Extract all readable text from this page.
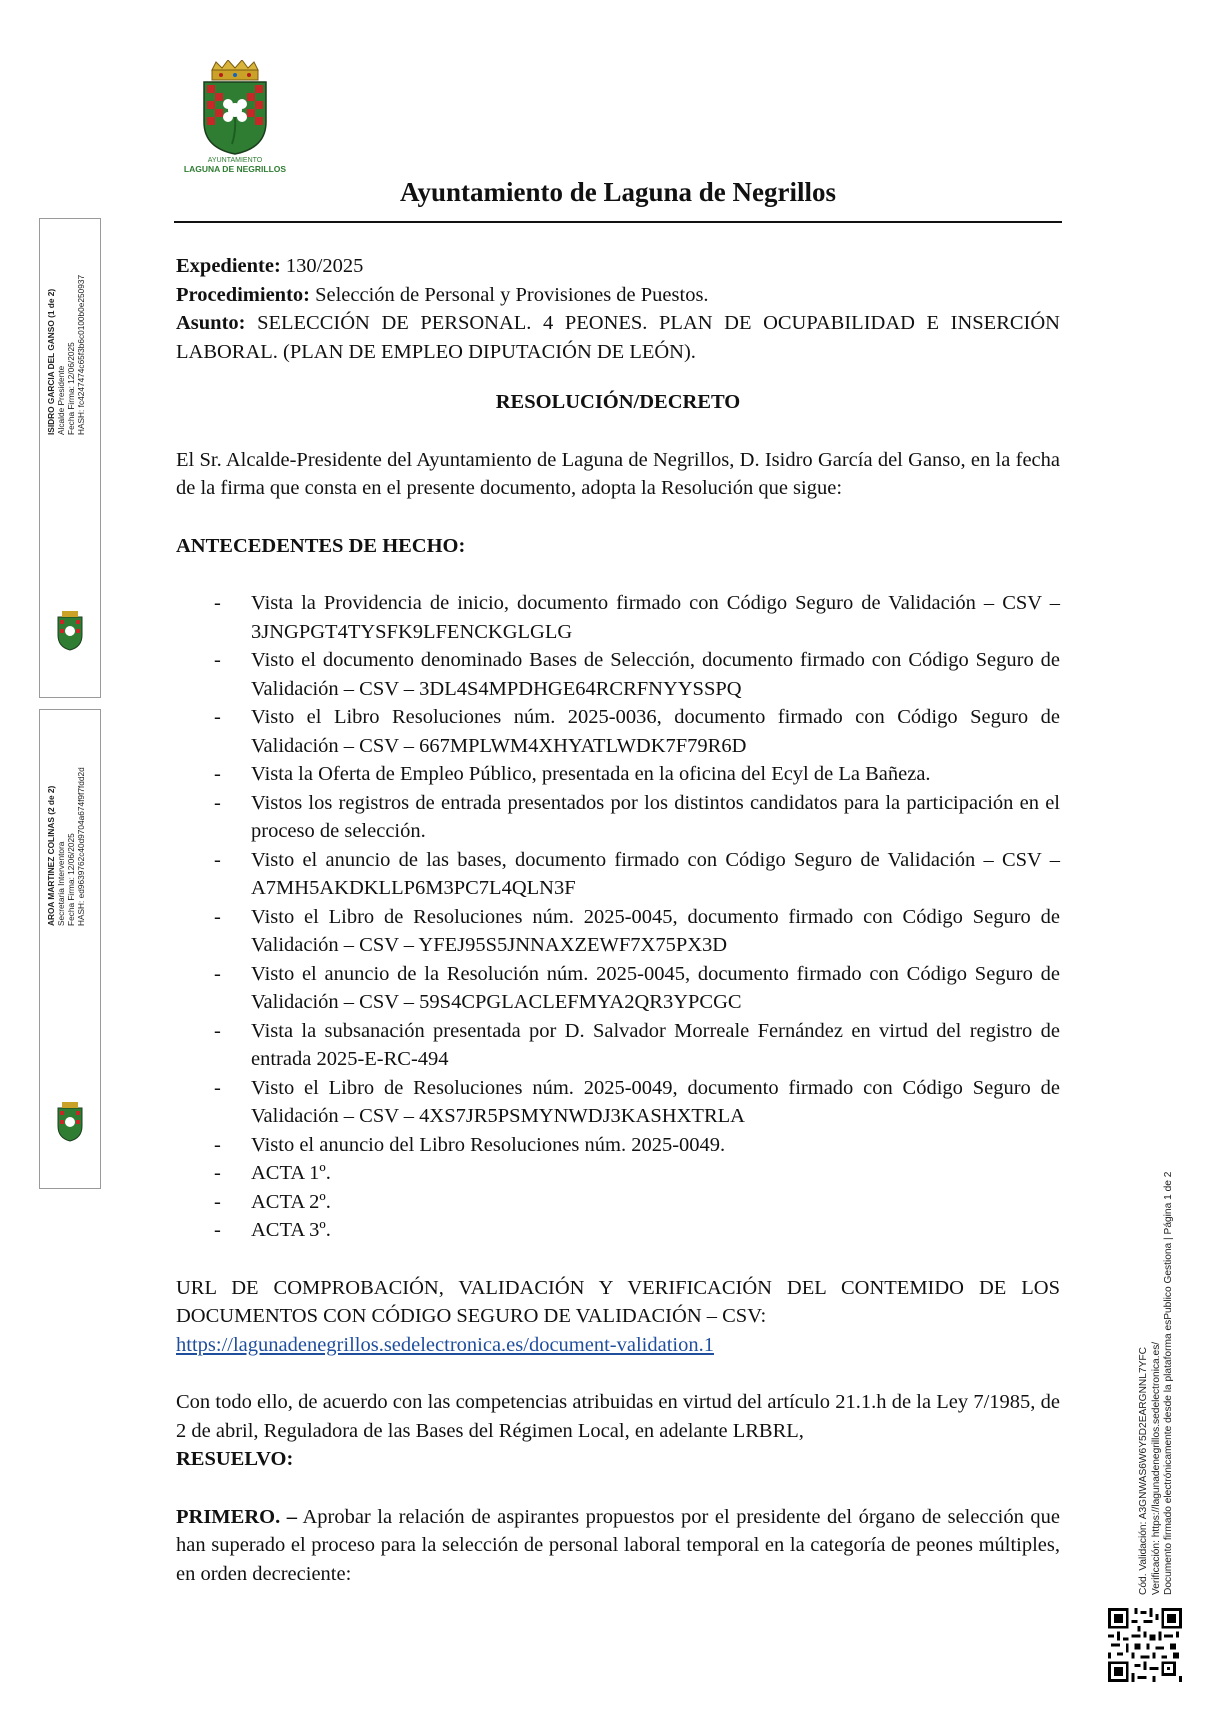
AYUNTAMIENTO
LAGUNA DE NEGRILLOS
Ayuntamiento de Laguna de Negrillos
ISIDRO GARCIA DEL GANSO (1 de 2) Alcalde Presidente Fecha Firma: 12/06/2025 HASH: fc4247474c65f3b6c0100b0e250937
AROA MARTINEZ COLINAS (2 de 2) Secretaria Interventora Fecha Firma: 12/06/2025 HASH: ed9639762c40d9704a674f9f7fdd2d

Expediente: 130/2025

Procedimiento: Selección de Personal y Provisiones de Puestos.

Asunto: SELECCIÓN DE PERSONAL. 4 PEONES. PLAN DE OCUPABILIDAD E INSERCIÓN LABORAL. (PLAN DE EMPLEO DIPUTACIÓN DE LEÓN).

RESOLUCIÓN/DECRETO

El Sr. Alcalde-Presidente del Ayuntamiento de Laguna de Negrillos, D. Isidro García del Ganso, en la fecha de la firma que consta en el presente documento, adopta la Resolución que sigue:

ANTECEDENTES DE HECHO:

- Vista la Providencia de inicio, documento firmado con Código Seguro de Validación – CSV – 3JNGPGT4TYSFK9LFENCKGLGLG
- Visto el documento denominado Bases de Selección, documento firmado con Código Seguro de Validación – CSV – 3DL4S4MPDHGE64RCRFNYYSSPQ
- Visto el Libro Resoluciones núm. 2025-0036, documento firmado con Código Seguro de Validación – CSV – 667MPLWM4XHYATLWDK7F79R6D
- Vista la Oferta de Empleo Público, presentada en la oficina del Ecyl de La Bañeza.
- Vistos los registros de entrada presentados por los distintos candidatos para la participación en el proceso de selección.
- Visto el anuncio de las bases, documento firmado con Código Seguro de Validación – CSV – A7MH5AKDKLLP6M3PC7L4QLN3F
- Visto el Libro de Resoluciones núm. 2025-0045, documento firmado con Código Seguro de Validación – CSV – YFEJ95S5JNNAXZEWF7X75PX3D
- Visto el anuncio de la Resolución núm. 2025-0045, documento firmado con Código Seguro de Validación – CSV – 59S4CPGLACLEFMYA2QR3YPCGC
- Vista la subsanación presentada por D. Salvador Morreale Fernández en virtud del registro de entrada 2025-E-RC-494
- Visto el Libro de Resoluciones núm. 2025-0049, documento firmado con Código Seguro de Validación – CSV – 4XS7JR5PSMYNWDJ3KASHXTRLA
- Visto el anuncio del Libro Resoluciones núm. 2025-0049.
- ACTA 1º.
- ACTA 2º.
- ACTA 3º.

URL DE COMPROBACIÓN, VALIDACIÓN Y VERIFICACIÓN DEL CONTEMIDO DE LOS DOCUMENTOS CON CÓDIGO SEGURO DE VALIDACIÓN – CSV:
https://lagunadenegrillos.sedelectronica.es/document-validation.1

Con todo ello, de acuerdo con las competencias atribuidas en virtud del artículo 21.1.h de la Ley 7/1985, de 2 de abril, Reguladora de las Bases del Régimen Local, en adelante LRBRL,
RESUELVO:

PRIMERO. – Aprobar la relación de aspirantes propuestos por el presidente del órgano de selección que han superado el proceso para la selección de personal laboral temporal en la categoría de peones múltiples, en orden decreciente:	Cód. Validación: A3GNWAS6W6Y5D2EARGNNL7YFC Verificación: https://lagunadenegrillos.sedelectronica.es/ Documento firmado electrónicamente desde la plataforma esPublico Gestiona | Página 1 de 2
